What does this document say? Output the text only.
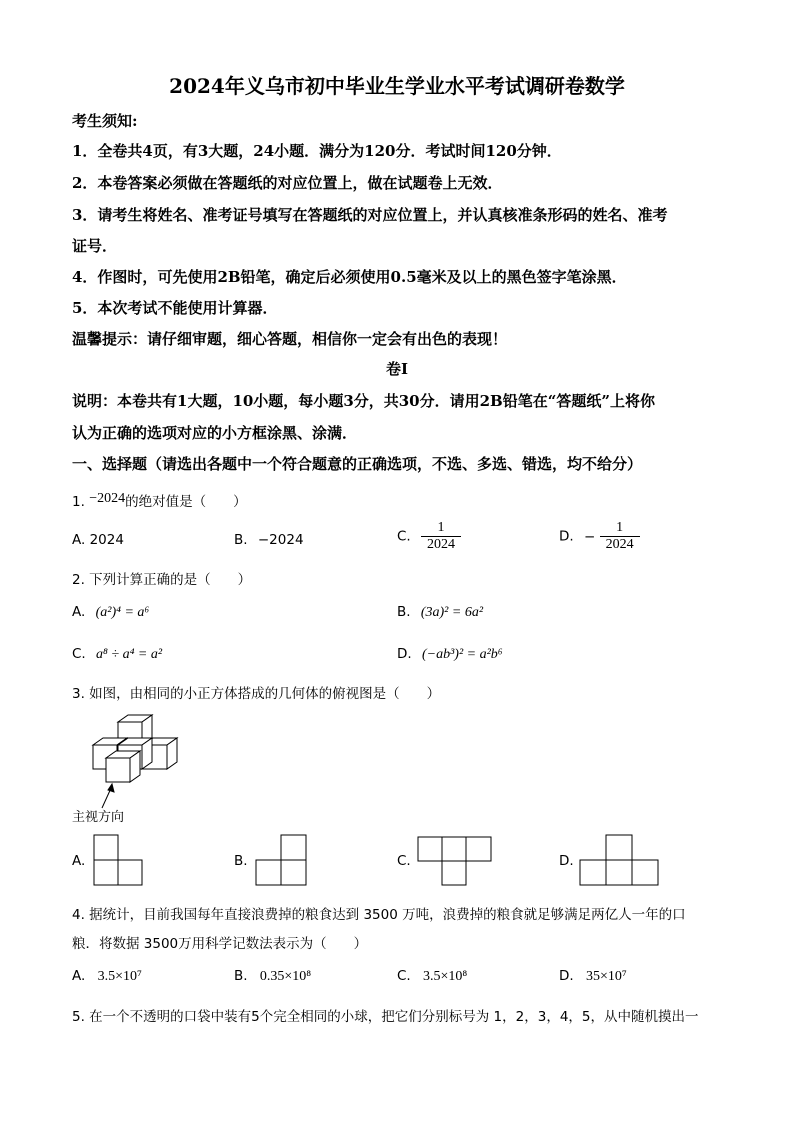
2024年义乌市初中毕业生学业水平考试调研卷数学
考生须知:
1．全卷共4页，有3大题，24小题．满分为120分．考试时间120分钟．
2．本卷答案必须做在答题纸的对应位置上，做在试题卷上无效．
3．请考生将姓名、准考证号填写在答题纸的对应位置上，并认真核准条形码的姓名、准考
证号．
4．作图时，可先使用2B铅笔，确定后必须使用0.5毫米及以上的黑色签字笔涂黑．
5．本次考试不能使用计算器．
温馨提示：请仔细审题，细心答题，相信你一定会有出色的表现！
卷Ⅰ
说明：本卷共有1大题，10小题，每小题3分，共30分．请用2B铅笔在“答题纸”上将你
认为正确的选项对应的小方框涂黑、涂满．
一、选择题（请选出各题中一个符合题意的正确选项，不选、多选、错选，均不给分）
1. −2024的绝对值是（　　）
A. 2024	B. −2024	C. $\frac{1}{2024}$	D. − $\frac{1}{2024}$
2. 下列计算正确的是（　　）
A. (a²)⁴ = a⁶	B. (3a)² = 6a²
C. a⁸ ÷ a⁴ = a²	D. (−ab³)² = a²b⁶
3. 如图，由相同的小正方体搭成的几何体的俯视图是（　　）
主视方向
A.	B.	C.	D.
4. 据统计，目前我国每年直接浪费掉的粮食达到 3500 万吨，浪费掉的粮食就足够满足两亿人一年的口
粮．将数据 3500万用科学记数法表示为（　　）
A. 3.5×10⁷	B. 0.35×10⁸	C. 3.5×10⁸	D. 35×10⁷
5. 在一个不透明的口袋中装有5个完全相同的小球，把它们分别标号为 1，2，3，4，5，从中随机摸出一
